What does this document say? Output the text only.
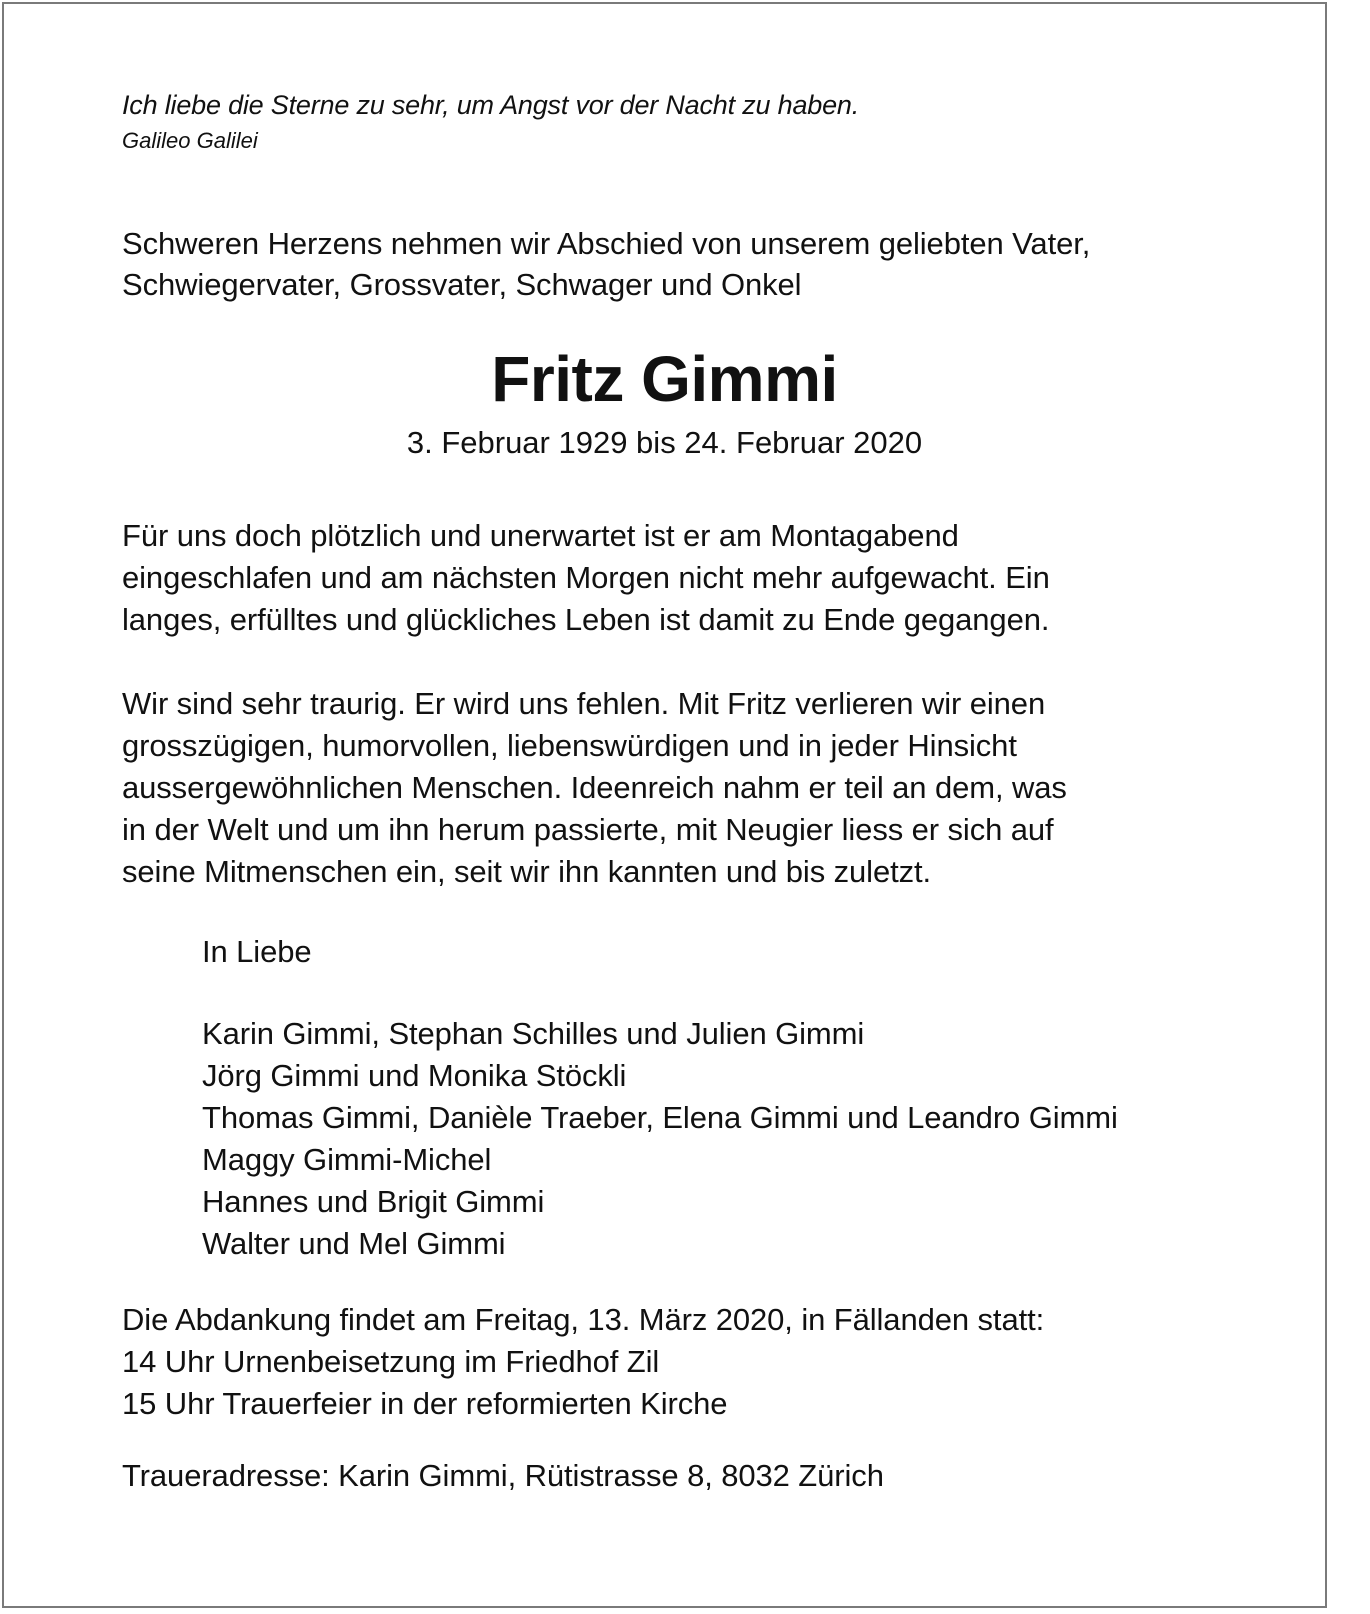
Ich liebe die Sterne zu sehr, um Angst vor der Nacht zu haben.

Galileo Galilei

Schweren Herzens nehmen wir Abschied von unserem geliebten Vater,

Schwiegervater, Grossvater, Schwager und Onkel

Fritz Gimmi

3. Februar 1929 bis 24. Februar 2020

Für uns doch plötzlich und unerwartet ist er am Montagabend

eingeschlafen und am nächsten Morgen nicht mehr aufgewacht. Ein

langes, erfülltes und glückliches Leben ist damit zu Ende gegangen.

Wir sind sehr traurig. Er wird uns fehlen. Mit Fritz verlieren wir einen

grosszügigen, humorvollen, liebenswürdigen und in jeder Hinsicht

aussergewöhnlichen Menschen. Ideenreich nahm er teil an dem, was

in der Welt und um ihn herum passierte, mit Neugier liess er sich auf

seine Mitmenschen ein, seit wir ihn kannten und bis zuletzt.

In Liebe

Karin Gimmi, Stephan Schilles und Julien Gimmi

Jörg Gimmi und Monika Stöckli

Thomas Gimmi, Danièle Traeber, Elena Gimmi und Leandro Gimmi

Maggy Gimmi-Michel

Hannes und Brigit Gimmi

Walter und Mel Gimmi

Die Abdankung findet am Freitag, 13. März 2020, in Fällanden statt:

14 Uhr Urnenbeisetzung im Friedhof Zil

15 Uhr Trauerfeier in der reformierten Kirche

Traueradresse: Karin Gimmi, Rütistrasse 8, 8032 Zürich
